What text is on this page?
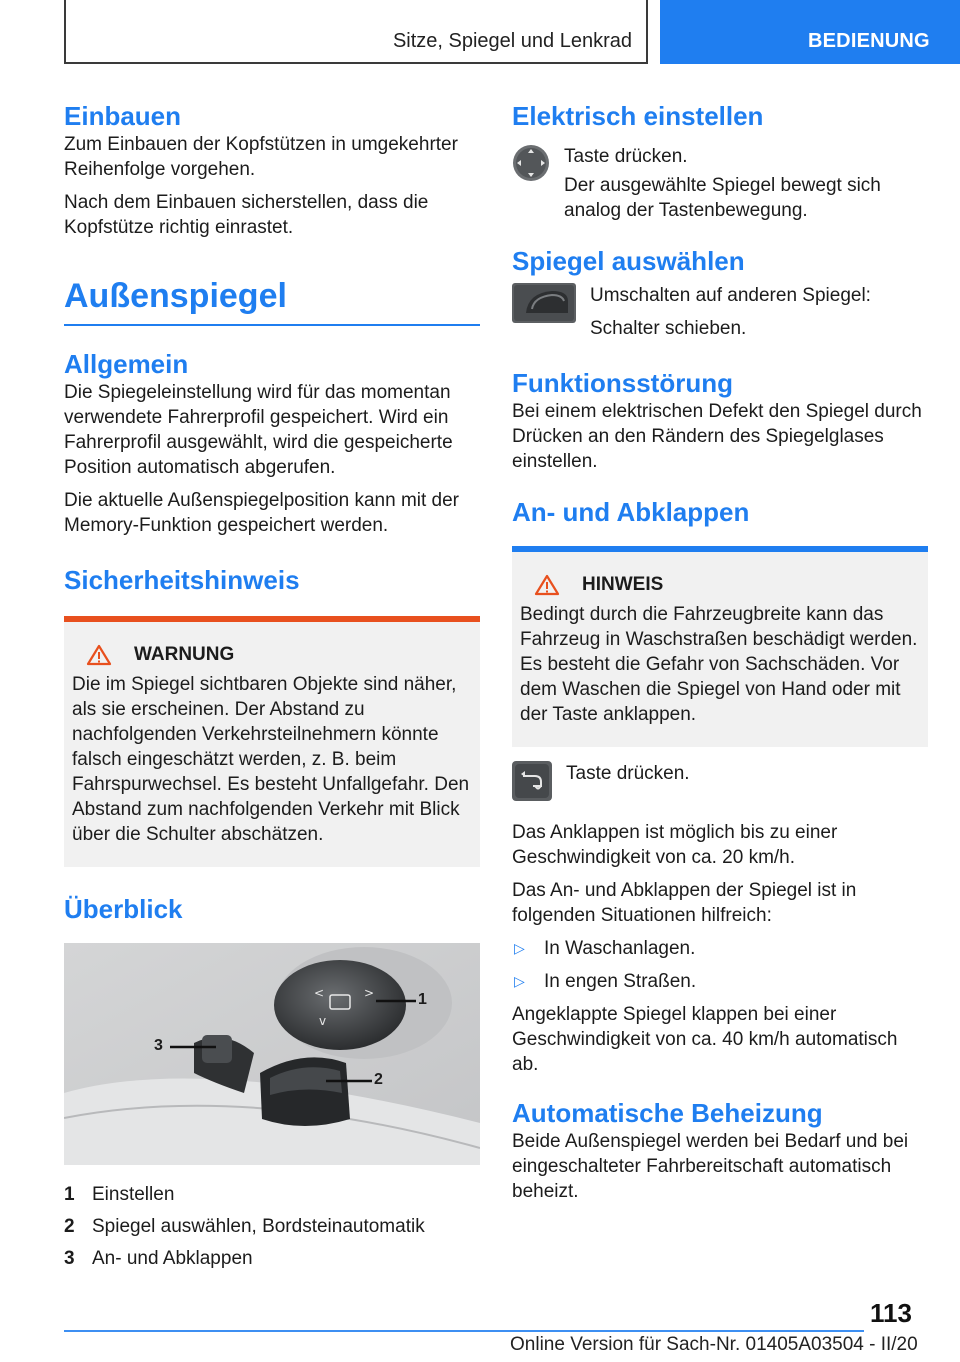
Sitze, Spiegel und Lenkrad	BEDIENUNG
Einbauen

Zum Einbauen der Kopfstützen in umgekehrter Reihenfolge vorgehen.

Nach dem Einbauen sicherstellen, dass die Kopfstütze richtig einrastet.

Außenspiegel
Allgemein

Die Spiegeleinstellung wird für das momentan verwendete Fahrerprofil gespeichert. Wird ein Fahrerprofil ausgewählt, wird die gespeicherte Position automatisch abgerufen.

Die aktuelle Außenspiegelposition kann mit der Memory-Funktion gespeichert werden.

Sicherheitshinweis
WARNUNG
Die im Spiegel sichtbaren Objekte sind näher, als sie erscheinen. Der Abstand zu nachfolgenden Verkehrsteilnehmern könnte falsch eingeschätzt werden, z. B. beim Fahrspurwechsel. Es besteht Unfallgefahr. Den Abstand zum nachfolgenden Verkehr mit Blick über die Schulter abschätzen.
Überblick
<	>
v
1
2
3
1 Einstellen
2 Spiegel auswählen, Bordsteinautomatik
3 An- und Abklappen
Elektrisch einstellen

Taste drücken.

Der ausgewählte Spiegel bewegt sich analog der Tastenbewegung.

Spiegel auswählen

Umschalten auf anderen Spiegel:

Schalter schieben.

Funktionsstörung

Bei einem elektrischen Defekt den Spiegel durch Drücken an den Rändern des Spiegelglases einstellen.

An- und Abklappen
HINWEIS
Bedingt durch die Fahrzeugbreite kann das Fahrzeug in Waschstraßen beschädigt werden. Es besteht die Gefahr von Sachschäden. Vor dem Waschen die Spiegel von Hand oder mit der Taste anklappen.

Taste drücken.

Das Anklappen ist möglich bis zu einer Geschwindigkeit von ca. 20 km/h.

Das An- und Abklappen der Spiegel ist in folgenden Situationen hilfreich:

▷	In Waschanlagen.
▷	In engen Straßen.

Angeklappte Spiegel klappen bei einer Geschwindigkeit von ca. 40 km/h automatisch ab.

Automatische Beheizung

Beide Außenspiegel werden bei Bedarf und bei eingeschalteter Fahrbereitschaft automatisch beheizt.

113
Online Version für Sach-Nr. 01405A03504 - II/20
